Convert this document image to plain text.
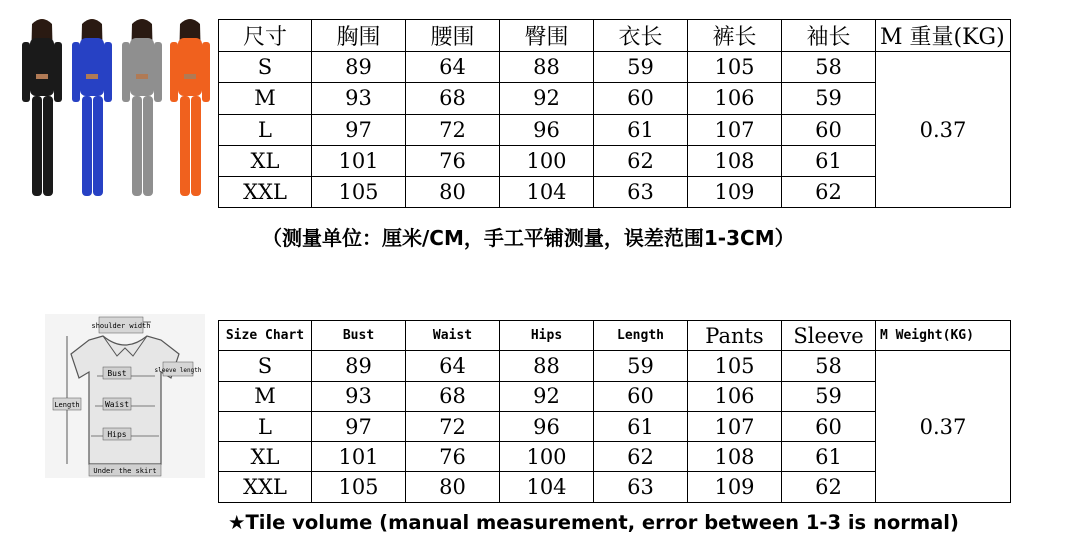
shoulder width
Bust
Waist
Hips
Length
sleeve length
Under the skirt
尺寸	胸围	腰围	臀围	衣长	裤长	袖长	M 重量(KG)
S	89	64	88	59	105	58	0.37
M	93	68	92	60	106	59	
L	97	72	96	61	107	60	
XL	101	76	100	62	108	61	
XXL	105	80	104	63	109	62	
（测量单位：厘米/CM，手工平铺测量，误差范围1-3CM）
Size Chart	Bust	Waist	Hips	Length	Pants	Sleeve	M Weight(KG)
S	89	64	88	59	105	58	0.37
M	93	68	92	60	106	59	
L	97	72	96	61	107	60	
XL	101	76	100	62	108	61	
XXL	105	80	104	63	109	62	
★Tile volume (manual measurement, error between 1-3 is normal)
